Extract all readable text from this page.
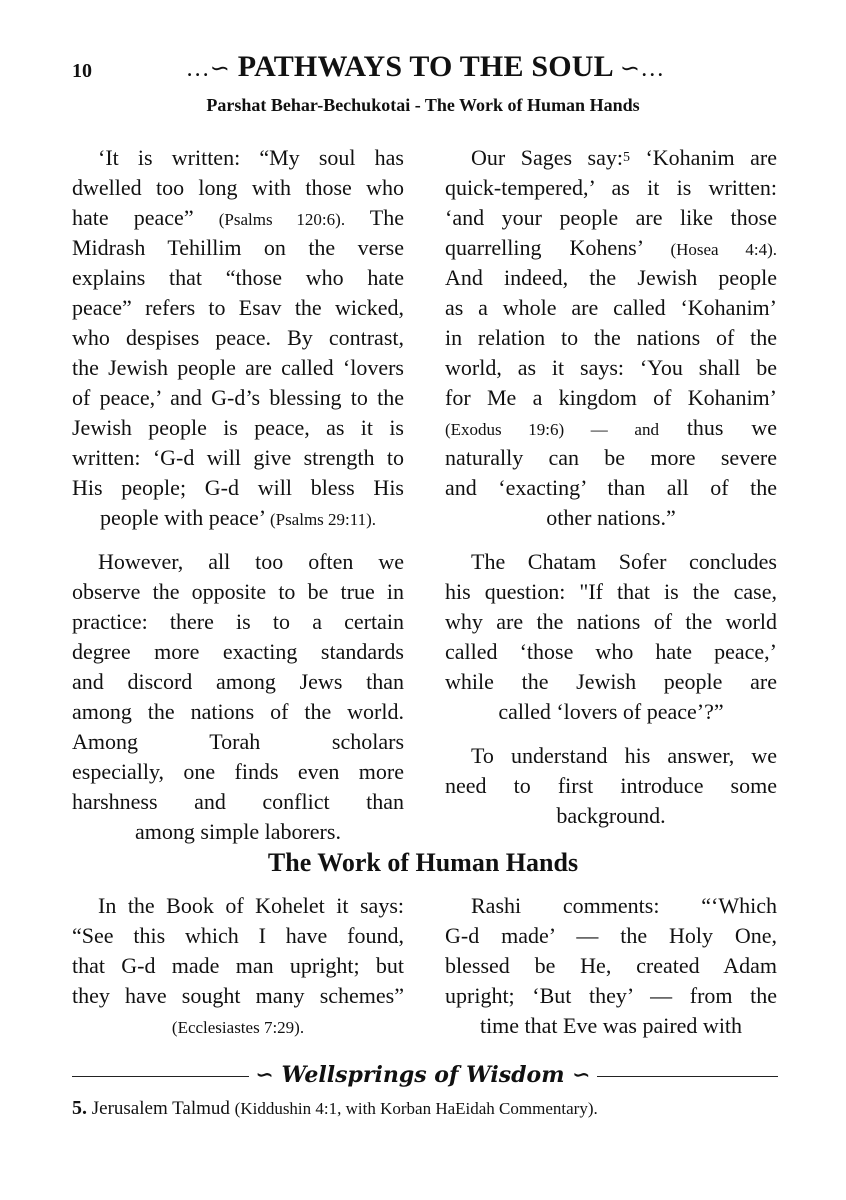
10	…∽ PATHWAYS TO THE SOUL ∽…
Parshat Behar-Bechukotai - The Work of Human Hands
‘It is written: “My soul has
dwelled too long with those who
hate peace” (Psalms 120:6). The
Midrash Tehillim on the verse
explains that “those who hate
peace” refers to Esav the wicked,
who despises peace. By contrast,
the Jewish people are called ‘lovers
of peace,’ and G-d’s blessing to the
Jewish people is peace, as it is
written: ‘G-d will give strength to
His people; G-d will bless His
people with peace’ (Psalms 29:11).
However, all too often we
observe the opposite to be true in
practice: there is to a certain
degree more exacting standards
and discord among Jews than
among the nations of the world.
Among Torah scholars
especially, one finds even more
harshness and conflict than
among simple laborers.
Our Sages say:$^5$ ‘Kohanim are
quick-tempered,’ as it is written:
‘and your people are like those
quarrelling Kohens’ (Hosea 4:4).
And indeed, the Jewish people
as a whole are called ‘Kohanim’
in relation to the nations of the
world, as it says: ‘You shall be
for Me a kingdom of Kohanim’
(Exodus 19:6) — and thus we
naturally can be more severe
and ‘exacting’ than all of the
other nations.”
The Chatam Sofer concludes
his question: "If that is the case,
why are the nations of the world
called ‘those who hate peace,’
while the Jewish people are
called ‘lovers of peace’?”
To understand his answer, we
need to first introduce some
background.
The Work of Human Hands
In the Book of Kohelet it says:
“See this which I have found,
that G-d made man upright; but
they have sought many schemes”
(Ecclesiastes 7:29).
Rashi comments: “‘Which
G-d made’ — the Holy One,
blessed be He, created Adam
upright; ‘But they’ — from the
time that Eve was paired with
∽ Wellsprings of Wisdom ∽
5. Jerusalem Talmud (Kiddushin 4:1, with Korban HaEidah Commentary).
